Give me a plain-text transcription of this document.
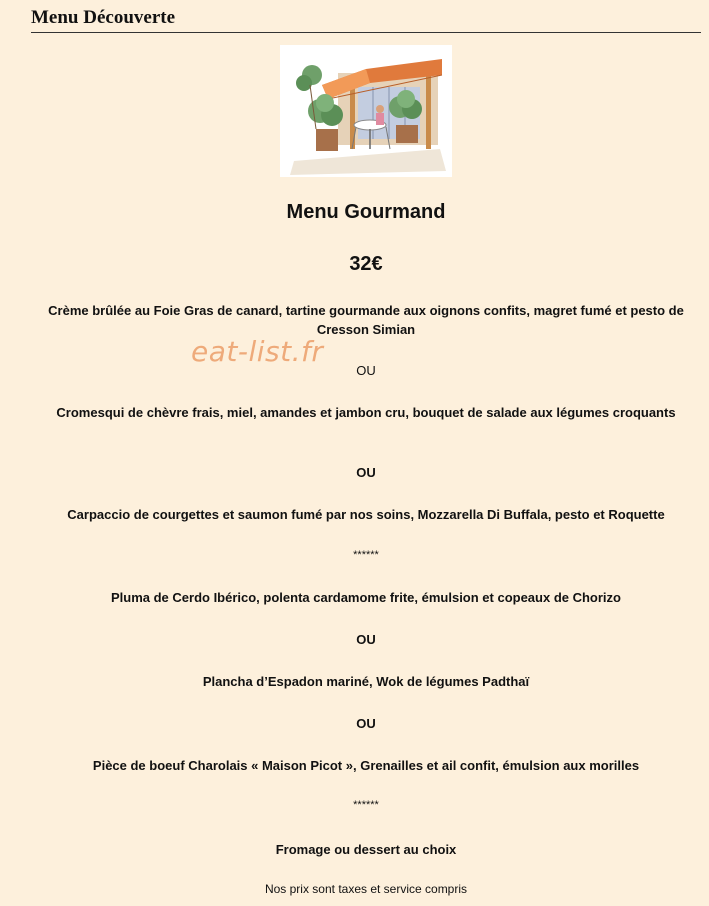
Menu Découverte
eat-list.fr

Menu Gourmand

32€

Crème brûlée au Foie Gras de canard, tartine gourmande aux oignons confits, magret fumé et pesto de Cresson Simian

OU

Cromesqui de chèvre frais, miel, amandes et jambon cru, bouquet de salade aux légumes croquants

OU

Carpaccio de courgettes et saumon fumé par nos soins, Mozzarella Di Buffala, pesto et Roquette

******

Pluma de Cerdo Ibérico, polenta cardamome frite, émulsion et copeaux de Chorizo

OU

Plancha d’Espadon mariné, Wok de légumes Padthaï

OU

Pièce de boeuf Charolais « Maison Picot », Grenailles et ail confit, émulsion aux morilles

******

Fromage ou dessert au choix

Nos prix sont taxes et service compris
